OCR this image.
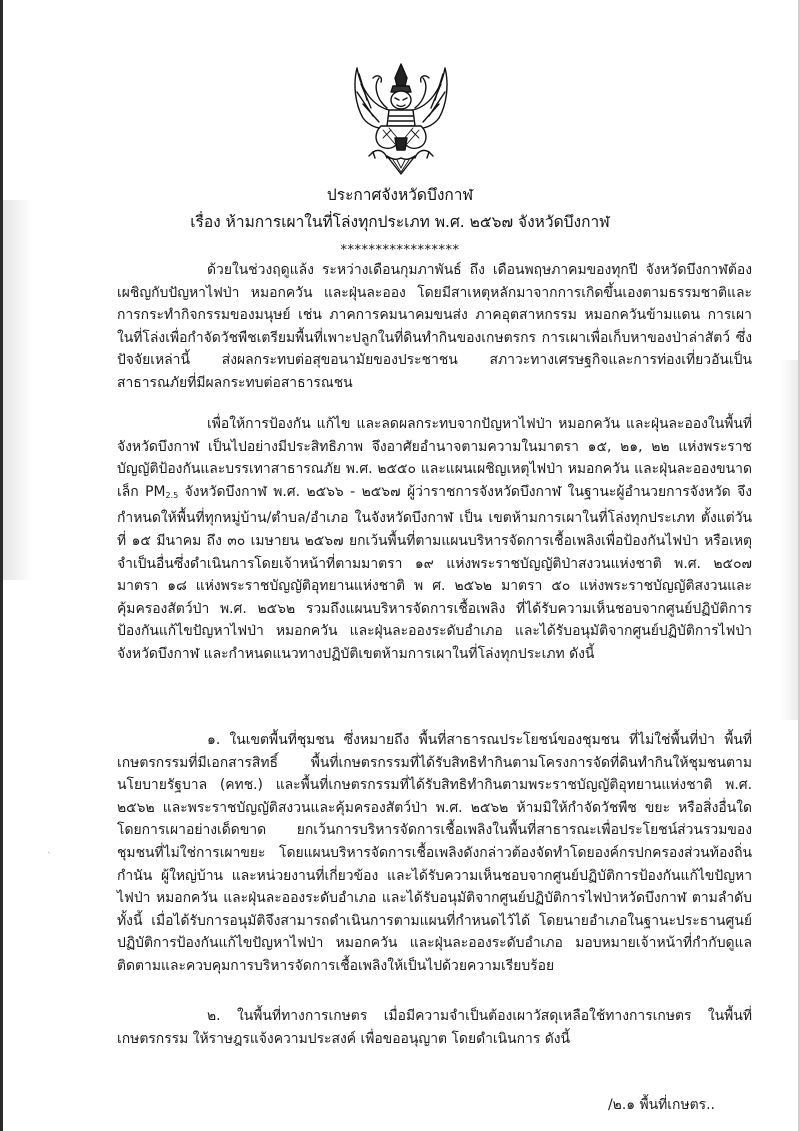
ประกาศจังหวัดบึงกาฬ
เรื่อง ห้ามการเผาในที่โล่งทุกประเภท พ.ศ. ๒๕๖๗ จังหวัดบึงกาฬ
*****************

ด้วยในช่วงฤดูแล้ง ระหว่างเดือนกุมภาพันธ์ ถึง เดือนพฤษภาคมของทุกปี จังหวัดบึงกาฬต้องเผชิญกับปัญหาไฟป่า หมอกควัน และฝุ่นละออง โดยมีสาเหตุหลักมาจากการเกิดขึ้นเองตามธรรมชาติและการกระทำกิจกรรมของมนุษย์ เช่น ภาคการคมนาคมขนส่ง ภาคอุตสาหกรรม หมอกควันข้ามแดน การเผาในที่โล่งเพื่อกำจัดวัชพืชเตรียมพื้นที่เพาะปลูกในที่ดินทำกินของเกษตรกร การเผาเพื่อเก็บหาของป่าล่าสัตว์ ซึ่งปัจจัยเหล่านี้ ส่งผลกระทบต่อสุขอนามัยของประชาชน สภาวะทางเศรษฐกิจและการท่องเที่ยวอันเป็นสาธารณภัยที่มีผลกระทบต่อสาธารณชน

เพื่อให้การป้องกัน แก้ไข และลดผลกระทบจากปัญหาไฟป่า หมอกควัน และฝุ่นละอองในพื้นที่จังหวัดบึงกาฬ เป็นไปอย่างมีประสิทธิภาพ จึงอาศัยอำนาจตามความในมาตรา ๑๕, ๒๑, ๒๒ แห่งพระราชบัญญัติป้องกันและบรรเทาสาธารณภัย พ.ศ. ๒๕๕๐ และแผนเผชิญเหตุไฟป่า หมอกควัน และฝุ่นละอองขนาดเล็ก $PM_{2.5}$ จังหวัดบึงกาฬ พ.ศ. ๒๕๖๖ - ๒๕๖๗ ผู้ว่าราชการจังหวัดบึงกาฬ ในฐานะผู้อำนวยการจังหวัด จึงกำหนดให้พื้นที่ทุกหมู่บ้าน/ตำบล/อำเภอ ในจังหวัดบึงกาฬ เป็น เขตห้ามการเผาในที่โล่งทุกประเภท ตั้งแต่วันที่ ๑๕ มีนาคม ถึง ๓๐ เมษายน ๒๕๖๗ ยกเว้นพื้นที่ตามแผนบริหารจัดการเชื้อเพลิงเพื่อป้องกันไฟป่า หรือเหตุจำเป็นอื่นซึ่งดำเนินการโดยเจ้าหน้าที่ตามมาตรา ๑๙ แห่งพระราชบัญญัติป่าสงวนแห่งชาติ พ.ศ. ๒๕๐๗ มาตรา ๑๘ แห่งพระราชบัญญัติอุทยานแห่งชาติ พ ศ. ๒๕๖๒ มาตรา ๕๐ แห่งพระราชบัญญัติสงวนและคุ้มครองสัตว์ป่า พ.ศ. ๒๕๖๒ รวมถึงแผนบริหารจัดการเชื้อเพลิง ที่ได้รับความเห็นชอบจากศูนย์ปฏิบัติการป้องกันแก้ไขปัญหาไฟป่า หมอกควัน และฝุ่นละอองระดับอำเภอ และได้รับอนุมัติจากศูนย์ปฏิบัติการไฟป่าจังหวัดบึงกาฬ และกำหนดแนวทางปฏิบัติเขตห้ามการเผาในที่โล่งทุกประเภท ดังนี้

๑. ในเขตพื้นที่ชุมชน ซึ่งหมายถึง พื้นที่สาธารณประโยชน์ของชุมชน ที่ไม่ใช่พื้นที่ป่า พื้นที่เกษตรกรรมที่มีเอกสารสิทธิ์ พื้นที่เกษตรกรรมที่ได้รับสิทธิทำกินตามโครงการจัดที่ดินทำกินให้ชุมชนตามนโยบายรัฐบาล (คทช.) และพื้นที่เกษตรกรรมที่ได้รับสิทธิทำกินตามพระราชบัญญัติอุทยานแห่งชาติ พ.ศ. ๒๕๖๒ และพระราชบัญญัติสงวนและคุ้มครองสัตว์ป่า พ.ศ. ๒๕๖๒ ห้ามมิให้กำจัดวัชพืช ขยะ หรือสิ่งอื่นใด โดยการเผาอย่างเด็ดขาด ยกเว้นการบริหารจัดการเชื้อเพลิงในพื้นที่สาธารณะเพื่อประโยชน์ส่วนรวมของชุมชนที่ไม่ใช่การเผาขยะ โดยแผนบริหารจัดการเชื้อเพลิงดังกล่าวต้องจัดทำโดยองค์กรปกครองส่วนท้องถิ่น กำนัน ผู้ใหญ่บ้าน และหน่วยงานที่เกี่ยวข้อง และได้รับความเห็นชอบจากศูนย์ปฏิบัติการป้องกันแก้ไขปัญหาไฟป่า หมอกควัน และฝุ่นละอองระดับอำเภอ และได้รับอนุมัติจากศูนย์ปฏิบัติการไฟป่าหวัดบึงกาฬ ตามลำดับ ทั้งนี้ เมื่อได้รับการอนุมัติจึงสามารถดำเนินการตามแผนที่กำหนดไว้ได้ โดยนายอำเภอในฐานะประธานศูนย์ปฏิบัติการป้องกันแก้ไขปัญหาไฟป่า หมอกควัน และฝุ่นละอองระดับอำเภอ มอบหมายเจ้าหน้าที่กำกับดูแล ติดตามและควบคุมการบริหารจัดการเชื้อเพลิงให้เป็นไปด้วยความเรียบร้อย

๒. ในพื้นที่ทางการเกษตร เมื่อมีความจำเป็นต้องเผาวัสดุเหลือใช้ทางการเกษตร ในพื้นที่เกษตรกรรม ให้ราษฎรแจ้งความประสงค์ เพื่อขออนุญาต โดยดำเนินการ ดังนี้

/๒.๑ พื้นที่เกษตร..
`
